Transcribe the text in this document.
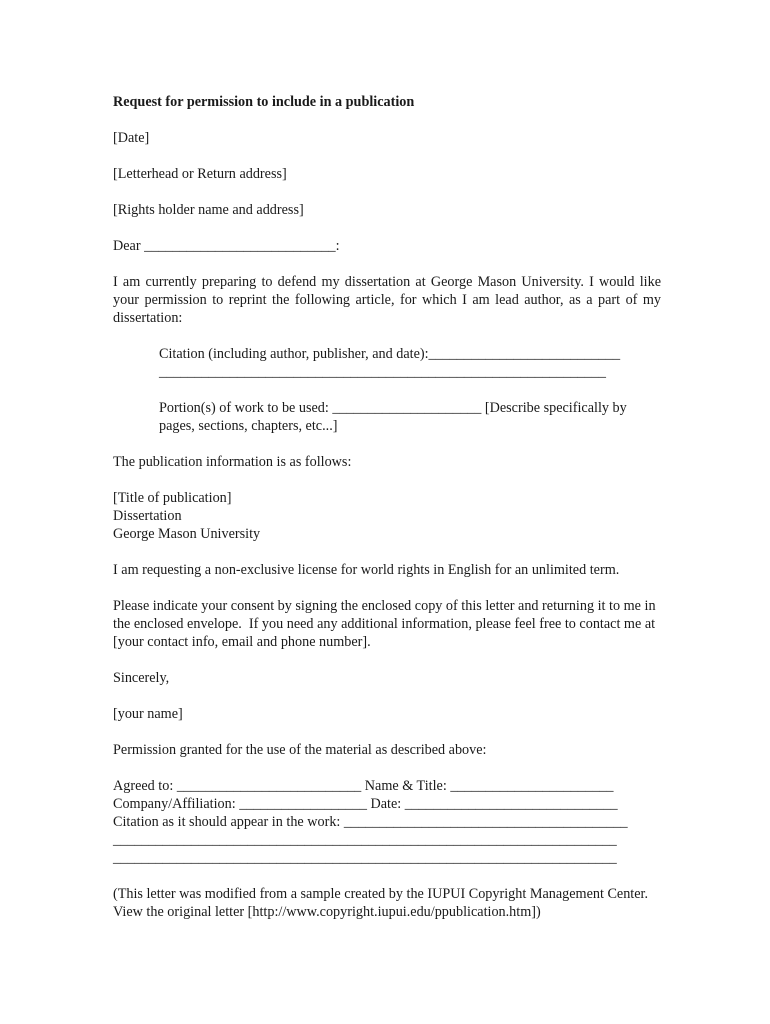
Request for permission to include in a publication
[Date]
[Letterhead or Return address]
[Rights holder name and address]
Dear ___________________________:
I am currently preparing to defend my dissertation at George Mason University. I would like your permission to reprint the following article, for which I am lead author, as a part of my dissertation:
Citation (including author, publisher, and date):___________________________
_______________________________________________________________
Portion(s) of work to be used: _____________________ [Describe specifically by
pages, sections, chapters, etc...]
The publication information is as follows:
[Title of publication]
Dissertation
George Mason University
I am requesting a non-exclusive license for world rights in English for an unlimited term.
Please indicate your consent by signing the enclosed copy of this letter and returning it to me in the enclosed envelope.  If you need any additional information, please feel free to contact me at [your contact info, email and phone number].
Sincerely,
[your name]
Permission granted for the use of the material as described above:
Agreed to: __________________________ Name & Title: _______________________
Company/Affiliation: __________________ Date: ______________________________
Citation as it should appear in the work: ________________________________________
_______________________________________________________________________
_______________________________________________________________________
(This letter was modified from a sample created by the IUPUI Copyright Management Center.  View the original letter [http://www.copyright.iupui.edu/ppublication.htm])
